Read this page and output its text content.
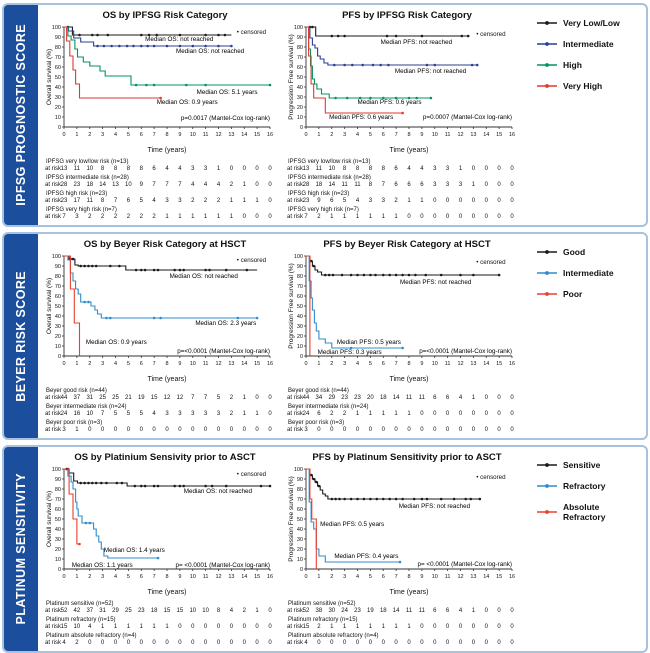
IPFSG PROGNOSTIC SCORE
OS by IPFSG Risk Category
Overall survival (%)
0 1 2 3 4 5 6 7 8 9 10 11 12 13 14 15 16
0
10
20
30
40
50
60
70
80
90
100
• censored
Median OS: not reached
Median OS: not reached
Median OS: 5.1 years
Median OS: 0.9 years
p=0.0017 (Mantel-Cox log-rank)
Time (years)
IPFSG very low/low risk (n=13)
at risk 13	11	10	8	8	8	8	6	4	4	3	3	1	0	0	0	0
IPFSG intermediate risk (n=28)
at risk 28	23	18	14	13	10	9	7	7	7	4	4	4	2	1	0	0
IPFSG high risk (n=23)
at risk 23	17	11	8	7	6	5	4	3	3	2	2	2	1	1	1	0
IPFSG very high risk (n=7)
at risk 7	3	2	2	2	2	2	2	1	1	1	1	1	1	0	0	0
PFS by IPFSG Risk Category
Progression Free survival (%)
0 1 2 3 4 5 6 7 8 9 10 11 12 13 14 15 16
0
10
20
30
40
50
60
70
80
90
100
• censored
Median PFS: not reached
Median PFS: not reached
Median PFS: 0.6 years
Median PFS: 0.6 years	p=0.0007 (Mantel-Cox log-rank)
Time (years)
IPFSG very low/low risk (n=13)
at risk 13	11	10	8	8	8	8	6	4	4	3	3	1	0	0	0	0
IPFSG intermediate risk (n=28)
at risk 28	18	14	11	11	8	7	6	6	6	3	3	3	1	0	0	0
IPFSG high risk (n=23)
at risk 23	9	6	5	4	3	3	2	1	1	0	0	0	0	0	0	0
IPFSG very high risk (n=7)
at risk 7	2	1	1	1	1	1	1	0	0	0	0	0	0	0	0	0
Very Low/Low
Intermediate
High
Very High
BEYER RISK SCORE
OS by Beyer Risk Category at HSCT
Overall survival (%)
0 1 2 3 4 5 6 7 8 9 10 11 12 13 14 15 16
0
10
20
30
40
50
60
70
80
90
100	• censored
Median OS: not reached
Median OS: 2.3 years
Median OS: 0.9 years
p=<0.0001 (Mantel-Cox log-rank)
Time (years)
Beyer good risk (n=44)
at risk 44	37	31	25	25	21	19	15	12	12	7	7	5	2	1	0	0
Beyer intermediate risk (n=24)
at risk 24	16	10	7	5	5	5	4	3	3	3	3	3	2	1	1	0
Beyer poor risk (n=3)
at risk 3	1	0	0	0	0	0	0	0	0	0	0	0	0	0	0	0
PFS by Beyer Risk Category at HSCT
Progression Free survival (%)
0 1 2 3 4 5 6 7 8 9 10 11 12 13 14 15 16
0
10
20
30
40
50
60
70
80
90
100
• censored
Median PFS: not reached
Median PFS: 0.5 years
Median PFS: 0.3 years	p=<0.0001 (Mantel-Cox log-rank)
Time (years)
Beyer good risk (n=44)
at risk 44	34	29	23	23	20	18	14	11	11	6	6	4	1	0	0	0
Beyer intermediate risk (n=24)
at risk 24	6	2	2	1	1	1	1	1	0	0	0	0	0	0	0	0
Beyer poor risk (n=3)
at risk 3	0	0	0	0	0	0	0	0	0	0	0	0	0	0	0	0
Good
Intermediate
Poor
PLATINUM SENSITIVITY
OS by Platinium Sensivity prior to ASCT
Overall survival (%)
0 1 2 3 4 5 6 7 8 9 10 11 12 13 14 15 16
0
10
20
30
40
50
60
70
80
90
100
• censored
Median OS: not reached
Median OS: 1.4 years
Median OS: 1.1 years	p= <0.0001 (Mantel-Cox log-rank)
Time (years)
Platinum sensitive (n=52)
at risk 52	42	37	31	29	25	23	18	15	15	10	10	8	4	2	1	0
Platinum refractory (n=15)
at risk 15	10	4	1	1	1	1	1	1	0	0	0	0	0	0	0	0
Platinum absolute refractory (n=4)
at risk 4	2	0	0	0	0	0	0	0	0	0	0	0	0	0	0	0
PFS by Platinum Sensitivity prior to ASCT
Progression Free survival (%)
0 1 2 3 4 5 6 7 8 9 10 11 12 13 14 15 16
0
10
20
30
40
50
60
70
80
90
100
• censored
Median PFS: not reached
Median PFS: 0.5 years
Median PFS: 0.4 years
p= <0.0001 (Mantel-Cox log-rank)
Time (years)
Platinum sensitive (n=52)
at risk 52	38	30	24	23	19	18	14	11	11	6	6	4	1	0	0	0
Platinum refractory (n=15)
at risk 15	2	1	1	1	1	1	1	1	0	0	0	0	0	0	0	0
Platinum absolute refractory (n=4)
at risk 4	0	0	0	0	0	0	0	0	0	0	0	0	0	0	0	0
Sensitive
Refractory
Absolute Refractory
